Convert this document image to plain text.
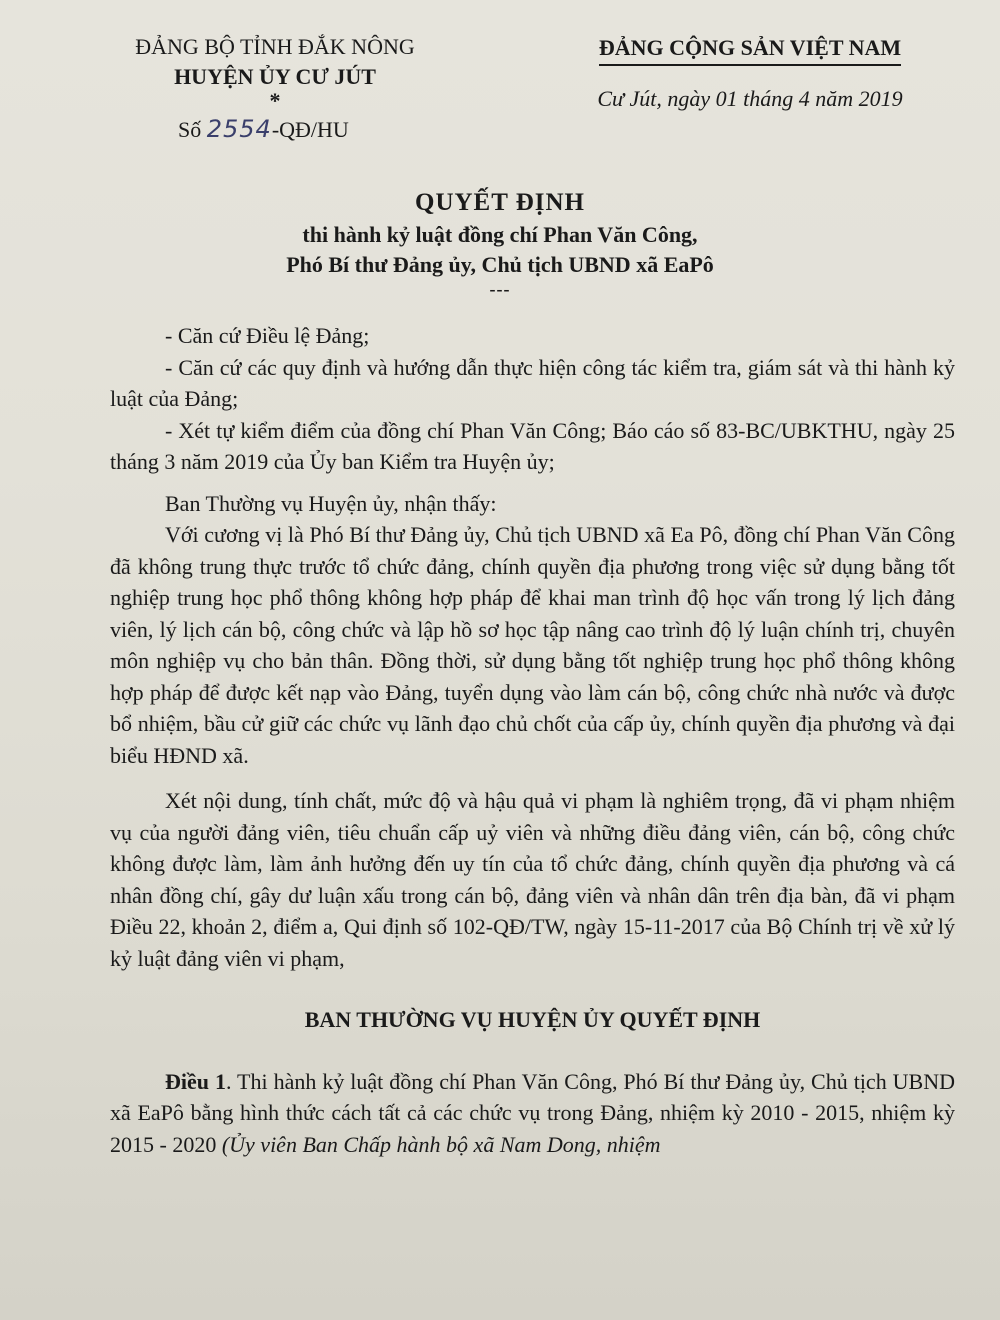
ĐẢNG BỘ TỈNH ĐẮK NÔNG
HUYỆN ỦY CƯ JÚT
*
Số 2554-QĐ/HU
ĐẢNG CỘNG SẢN VIỆT NAM
Cư Jút, ngày 01 tháng 4 năm 2019
QUYẾT ĐỊNH
thi hành kỷ luật đồng chí Phan Văn Công,
Phó Bí thư Đảng ủy, Chủ tịch UBND xã EaPô
---

- Căn cứ Điều lệ Đảng;

- Căn cứ các quy định và hướng dẫn thực hiện công tác kiểm tra, giám sát và thi hành kỷ luật của Đảng;

- Xét tự kiểm điểm của đồng chí Phan Văn Công; Báo cáo số 83-BC/UBKTHU, ngày 25 tháng 3 năm 2019 của Ủy ban Kiểm tra Huyện ủy;

Ban Thường vụ Huyện ủy, nhận thấy:

Với cương vị là Phó Bí thư Đảng ủy, Chủ tịch UBND xã Ea Pô, đồng chí Phan Văn Công đã không trung thực trước tổ chức đảng, chính quyền địa phương trong việc sử dụng bằng tốt nghiệp trung học phổ thông không hợp pháp để khai man trình độ học vấn trong lý lịch đảng viên, lý lịch cán bộ, công chức và lập hồ sơ học tập nâng cao trình độ lý luận chính trị, chuyên môn nghiệp vụ cho bản thân. Đồng thời, sử dụng bằng tốt nghiệp trung học phổ thông không hợp pháp để được kết nạp vào Đảng, tuyển dụng vào làm cán bộ, công chức nhà nước và được bổ nhiệm, bầu cử giữ các chức vụ lãnh đạo chủ chốt của cấp ủy, chính quyền địa phương và đại biểu HĐND xã.

Xét nội dung, tính chất, mức độ và hậu quả vi phạm là nghiêm trọng, đã vi phạm nhiệm vụ của người đảng viên, tiêu chuẩn cấp uỷ viên và những điều đảng viên, cán bộ, công chức không được làm, làm ảnh hưởng đến uy tín của tổ chức đảng, chính quyền địa phương và cá nhân đồng chí, gây dư luận xấu trong cán bộ, đảng viên và nhân dân trên địa bàn, đã vi phạm Điều 22, khoản 2, điểm a, Qui định số 102-QĐ/TW, ngày 15-11-2017 của Bộ Chính trị về xử lý kỷ luật đảng viên vi phạm,

BAN THƯỜNG VỤ HUYỆN ỦY QUYẾT ĐỊNH

Điều 1. Thi hành kỷ luật đồng chí Phan Văn Công, Phó Bí thư Đảng ủy, Chủ tịch UBND xã EaPô bằng hình thức cách tất cả các chức vụ trong Đảng, nhiệm kỳ 2010 - 2015, nhiệm kỳ 2015 - 2020 (Ủy viên Ban Chấp hành bộ xã Nam Dong, nhiệm
